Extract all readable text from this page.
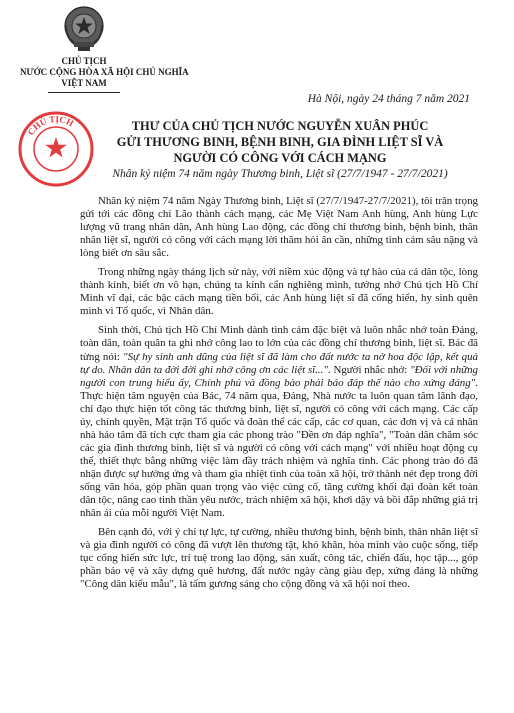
CHỦ TỊCH
NƯỚC CỘNG HÒA XÃ HỘI CHỦ NGHĨA
VIỆT NAM
Hà Nội, ngày 24 tháng 7 năm 2021
CHỦ TỊCH	THƯ CỦA CHỦ TỊCH NƯỚC NGUYỄN XUÂN PHÚC
GỬI THƯƠNG BINH, BỆNH BINH, GIA ĐÌNH LIỆT SĨ VÀ
NGƯỜI CÓ CÔNG VỚI CÁCH MẠNG
Nhân kỷ niệm 74 năm ngày Thương binh, Liệt sĩ (27/7/1947 - 27/7/2021)

Nhân kỷ niệm 74 năm Ngày Thương binh, Liệt sĩ (27/7/1947-27/7/2021), tôi trân trọng gửi tới các đồng chí Lão thành cách mạng, các Mẹ Việt Nam Anh hùng, Anh hùng Lực lượng vũ trang nhân dân, Anh hùng Lao động, các đồng chí thương binh, bệnh binh, thân nhân liệt sĩ, người có công với cách mạng lời thăm hỏi ân cần, những tình cảm sâu nặng và lòng biết ơn sâu sắc.

Trong những ngày tháng lịch sử này, với niềm xúc động và tự hào của cả dân tộc, lòng thành kính, biết ơn vô hạn, chúng ta kính cẩn nghiêng mình, tưởng nhớ Chủ tịch Hồ Chí Minh vĩ đại, các bậc cách mạng tiền bối, các Anh hùng liệt sĩ đã cống hiến, hy sinh quên mình vì Tổ quốc, vì Nhân dân.

Sinh thời, Chủ tịch Hồ Chí Minh dành tình cảm đặc biệt và luôn nhắc nhở toàn Đảng, toàn dân, toàn quân ta ghi nhớ công lao to lớn của các đồng chí thương binh, liệt sĩ. Bác đã từng nói: "Sự hy sinh anh dũng của liệt sĩ đã làm cho đất nước ta nở hoa độc lập, kết quả tự do. Nhân dân ta đời đời ghi nhớ công ơn các liệt sĩ...". Người nhắc nhở: "Đối với những người con trung hiếu ấy, Chính phủ và đồng bào phải báo đáp thế nào cho xứng đáng". Thực hiện tâm nguyện của Bác, 74 năm qua, Đảng, Nhà nước ta luôn quan tâm lãnh đạo, chỉ đạo thực hiện tốt công tác thương binh, liệt sĩ, người có công với cách mạng. Các cấp ủy, chính quyền, Mặt trận Tổ quốc và đoàn thể các cấp, các cơ quan, các đơn vị và cá nhân nhà hảo tâm đã tích cực tham gia các phong trào "Đền ơn đáp nghĩa", "Toàn dân chăm sóc các gia đình thương binh, liệt sĩ và người có công với cách mạng" với nhiều hoạt động cụ thể, thiết thực bằng những việc làm đầy trách nhiệm và nghĩa tình. Các phong trào đó đã nhận được sự hưởng ứng và tham gia nhiệt tình của toàn xã hội, trở thành nét đẹp trong đời sống văn hóa, góp phần quan trọng vào việc củng cố, tăng cường khối đại đoàn kết toàn dân tộc, nâng cao tinh thần yêu nước, trách nhiệm xã hội, khơi dậy và bồi đắp những giá trị nhân ái của mỗi người Việt Nam.

Bên cạnh đó, với ý chí tự lực, tự cường, nhiều thương binh, bệnh binh, thân nhân liệt sĩ và gia đình người có công đã vượt lên thương tật, khó khăn, hòa mình vào cuộc sống, tiếp tục cống hiến sức lực, trí tuệ trong lao động, sản xuất, công tác, chiến đấu, học tập..., góp phần bảo vệ và xây dựng quê hương, đất nước ngày càng giàu đẹp, xứng đáng là những "Công dân kiểu mẫu", là tấm gương sáng cho cộng đồng và xã hội noi theo.
